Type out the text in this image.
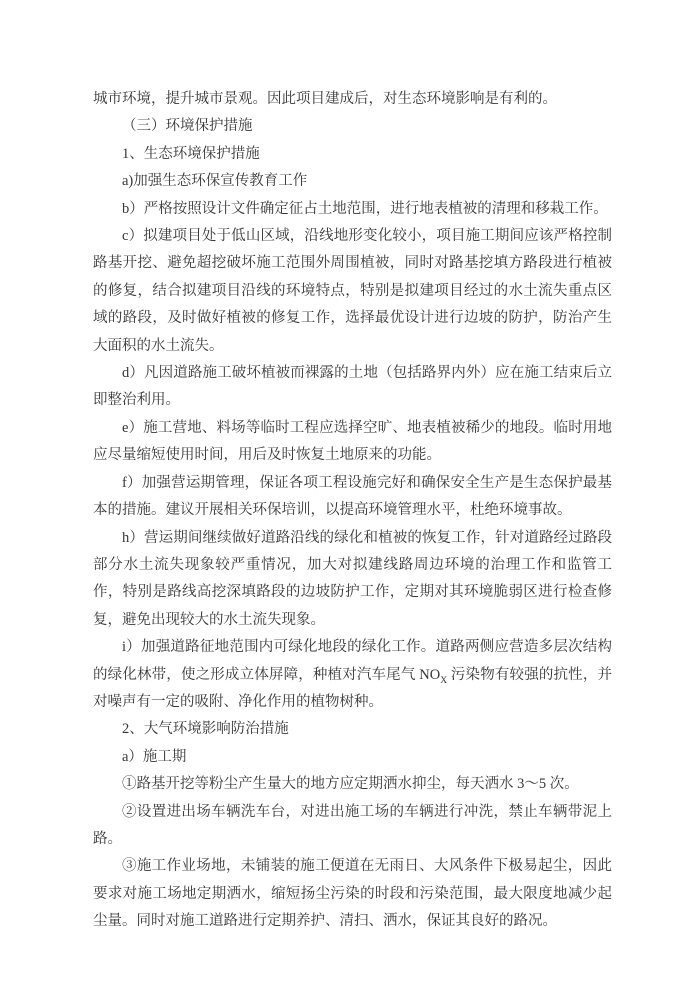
城市环境，提升城市景观。因此项目建成后，对生态环境影响是有利的。

（三）环境保护措施

1、生态环境保护措施

a)加强生态环保宣传教育工作

b）严格按照设计文件确定征占土地范围，进行地表植被的清理和移栽工作。

c）拟建项目处于低山区域，沿线地形变化较小，项目施工期间应该严格控制路基开挖、避免超挖破坏施工范围外周围植被，同时对路基挖填方路段进行植被的修复，结合拟建项目沿线的环境特点，特别是拟建项目经过的水土流失重点区域的路段，及时做好植被的修复工作，选择最优设计进行边坡的防护，防治产生大面积的水土流失。

d）凡因道路施工破坏植被而裸露的土地（包括路界内外）应在施工结束后立即整治利用。

e）施工营地、料场等临时工程应选择空旷、地表植被稀少的地段。临时用地应尽量缩短使用时间，用后及时恢复土地原来的功能。

f）加强营运期管理，保证各项工程设施完好和确保安全生产是生态保护最基本的措施。建议开展相关环保培训，以提高环境管理水平，杜绝环境事故。

h）营运期间继续做好道路沿线的绿化和植被的恢复工作，针对道路经过路段部分水土流失现象较严重情况，加大对拟建线路周边环境的治理工作和监管工作，特别是路线高挖深填路段的边坡防护工作，定期对其环境脆弱区进行检查修复，避免出现较大的水土流失现象。

i）加强道路征地范围内可绿化地段的绿化工作。道路两侧应营造多层次结构的绿化林带，使之形成立体屏障，种植对汽车尾气 $NO_X$ 污染物有较强的抗性，并对噪声有一定的吸附、净化作用的植物树种。

2、大气环境影响防治措施

a）施工期

①路基开挖等粉尘产生量大的地方应定期洒水抑尘，每天洒水 3～5 次。

②设置进出场车辆洗车台，对进出施工场的车辆进行冲洗，禁止车辆带泥上路。

③施工作业场地，未铺装的施工便道在无雨日、大风条件下极易起尘，因此要求对施工场地定期洒水，缩短扬尘污染的时段和污染范围，最大限度地减少起尘量。同时对施工道路进行定期养护、清扫、洒水，保证其良好的路况。
